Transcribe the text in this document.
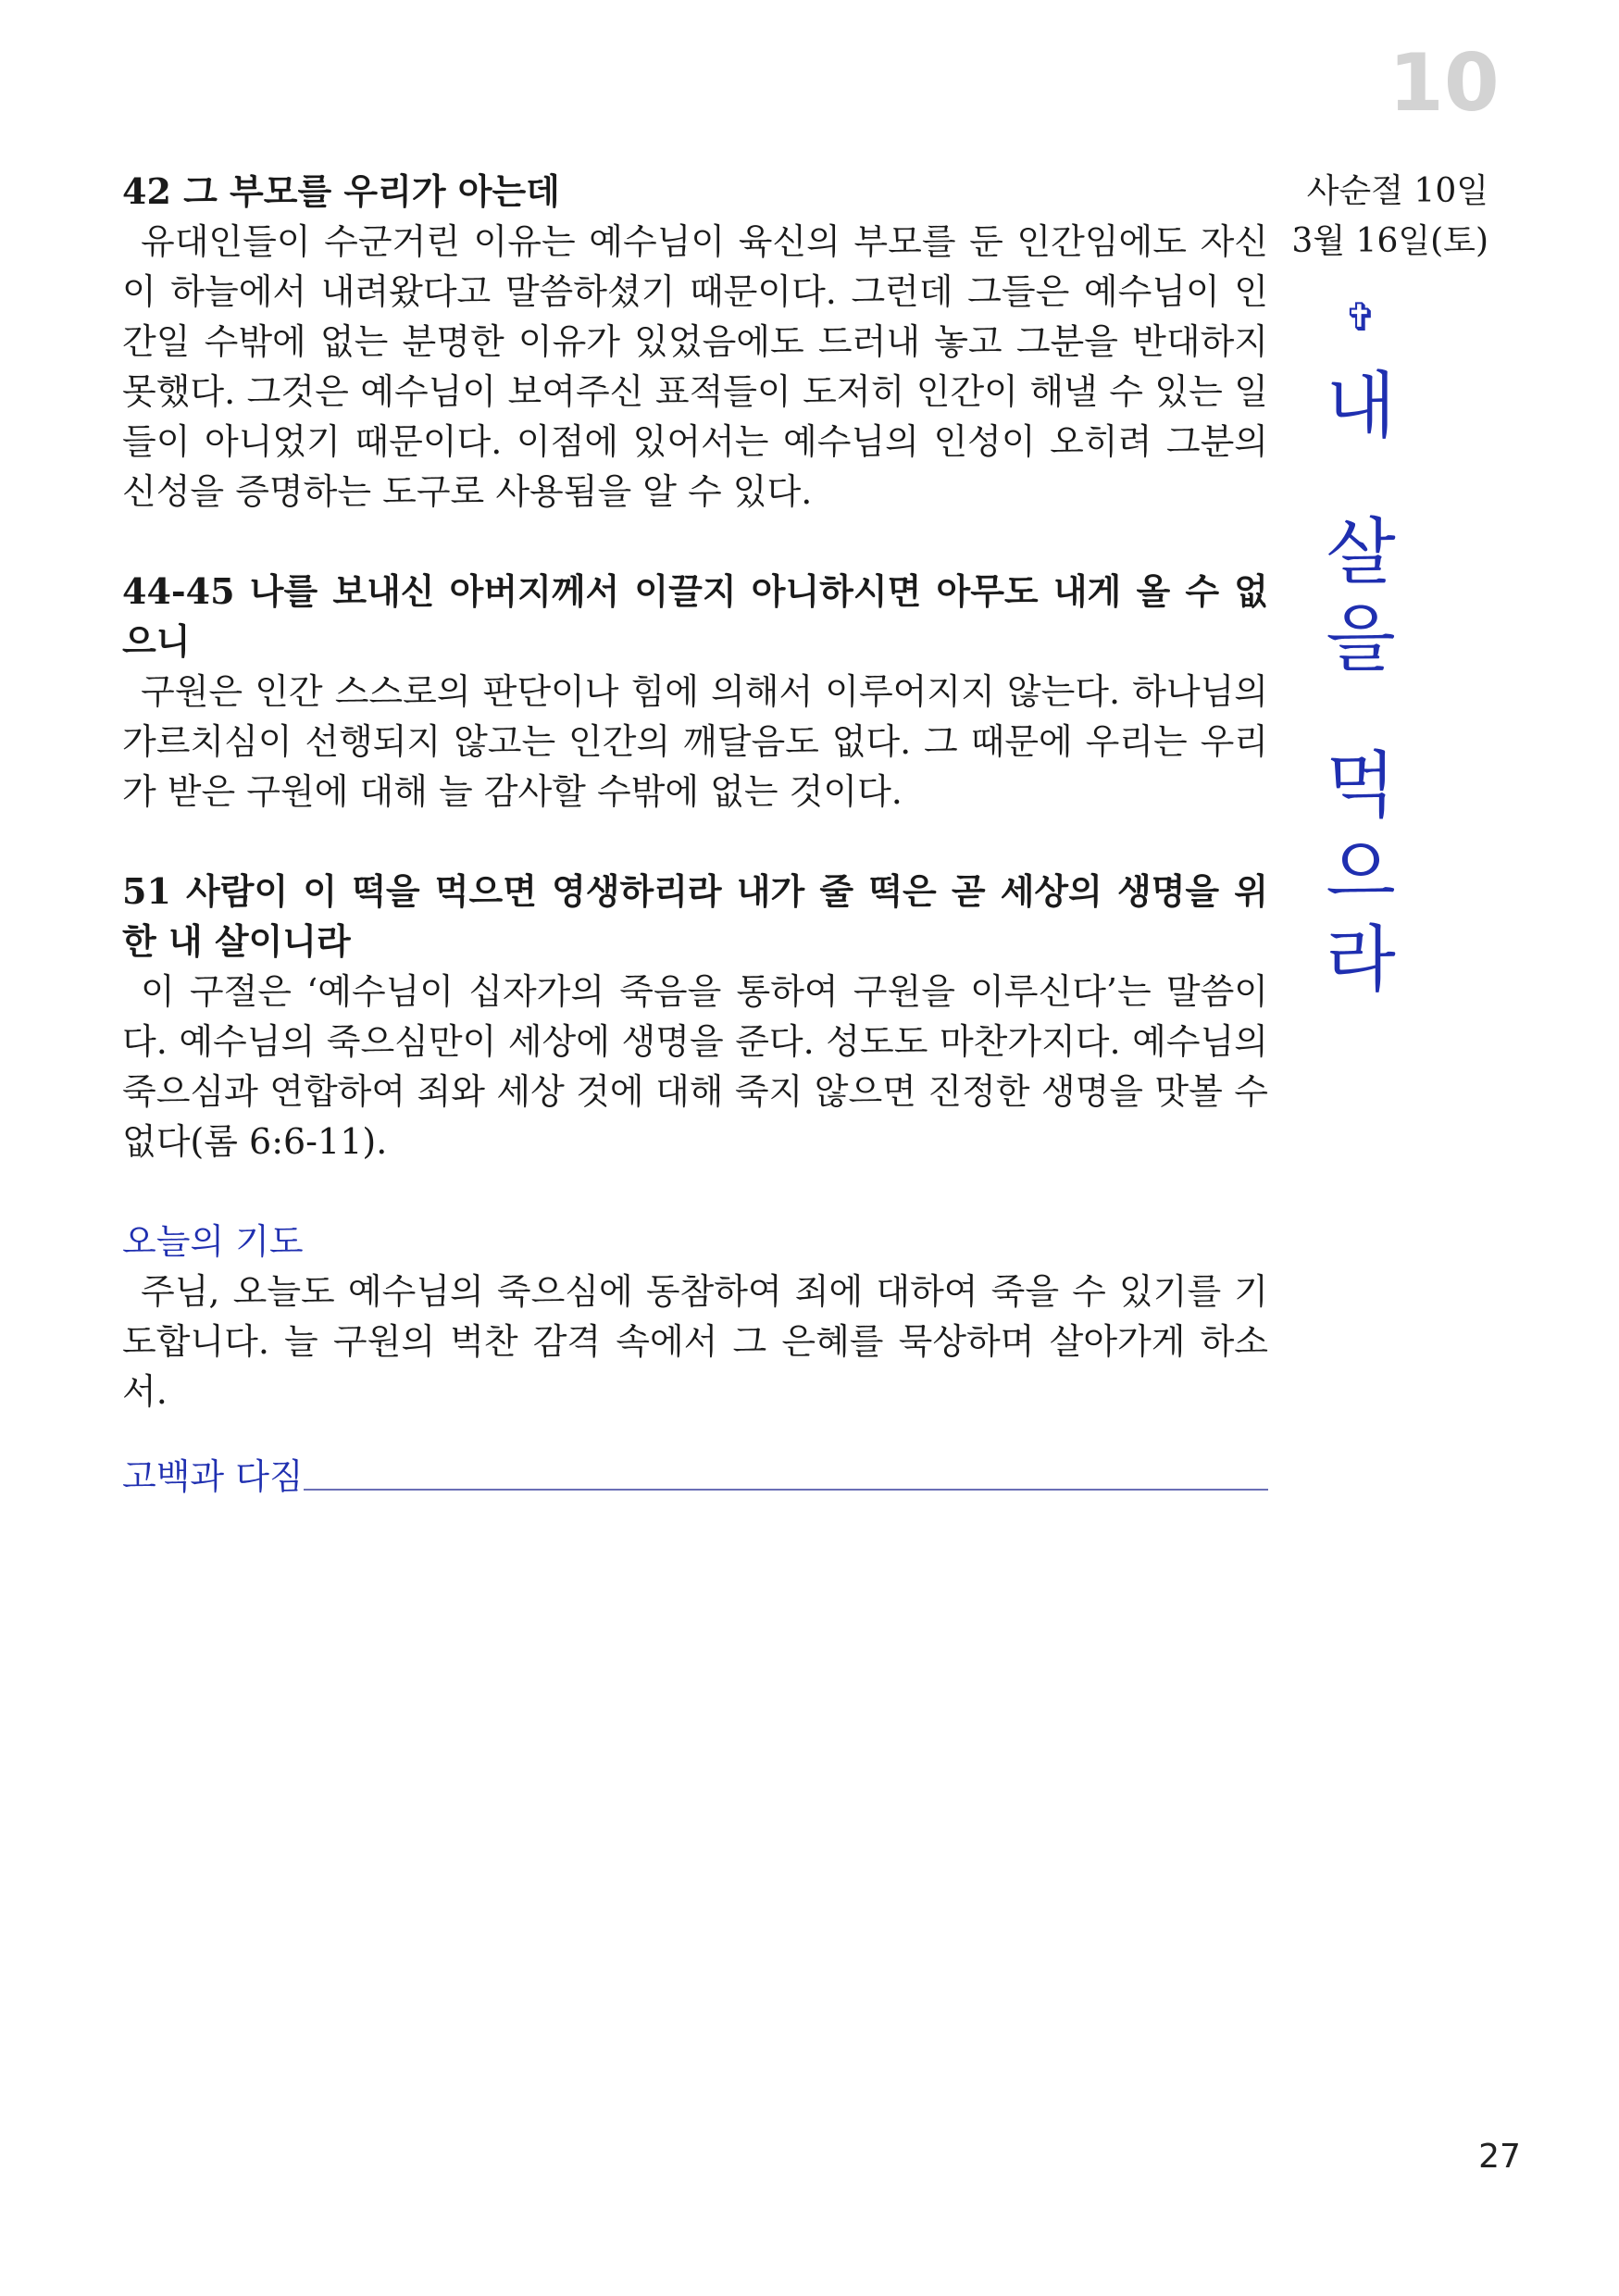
10

42 그 부모를 우리가 아는데

유대인들이 수군거린 이유는 예수님이 육신의 부모를 둔 인간임에도 자신이 하늘에서 내려왔다고 말씀하셨기 때문이다. 그런데 그들은 예수님이 인간일 수밖에 없는 분명한 이유가 있었음에도 드러내 놓고 그분을 반대하지 못했다. 그것은 예수님이 보여주신 표적들이 도저히 인간이 해낼 수 있는 일들이 아니었기 때문이다. 이점에 있어서는 예수님의 인성이 오히려 그분의 신성을 증명하는 도구로 사용됨을 알 수 있다.

44-45 나를 보내신 아버지께서 이끌지 아니하시면 아무도 내게 올 수 없으니

구원은 인간 스스로의 판단이나 힘에 의해서 이루어지지 않는다. 하나님의 가르치심이 선행되지 않고는 인간의 깨달음도 없다. 그 때문에 우리는 우리가 받은 구원에 대해 늘 감사할 수밖에 없는 것이다.

51 사람이 이 떡을 먹으면 영생하리라 내가 줄 떡은 곧 세상의 생명을 위한 내 살이니라

이 구절은 ‘예수님이 십자가의 죽음을 통하여 구원을 이루신다’는 말씀이다. 예수님의 죽으심만이 세상에 생명을 준다. 성도도 마찬가지다. 예수님의 죽으심과 연합하여 죄와 세상 것에 대해 죽지 않으면 진정한 생명을 맛볼 수 없다(롬 6:6-11).

오늘의 기도

주님, 오늘도 예수님의 죽으심에 동참하여 죄에 대하여 죽을 수 있기를 기도합니다. 늘 구원의 벅찬 감격 속에서 그 은혜를 묵상하며 살아가게 하소서.

고백과 다짐
사순절 10일
3월 16일(토)
✞
내
살
을
먹
으
라
27
